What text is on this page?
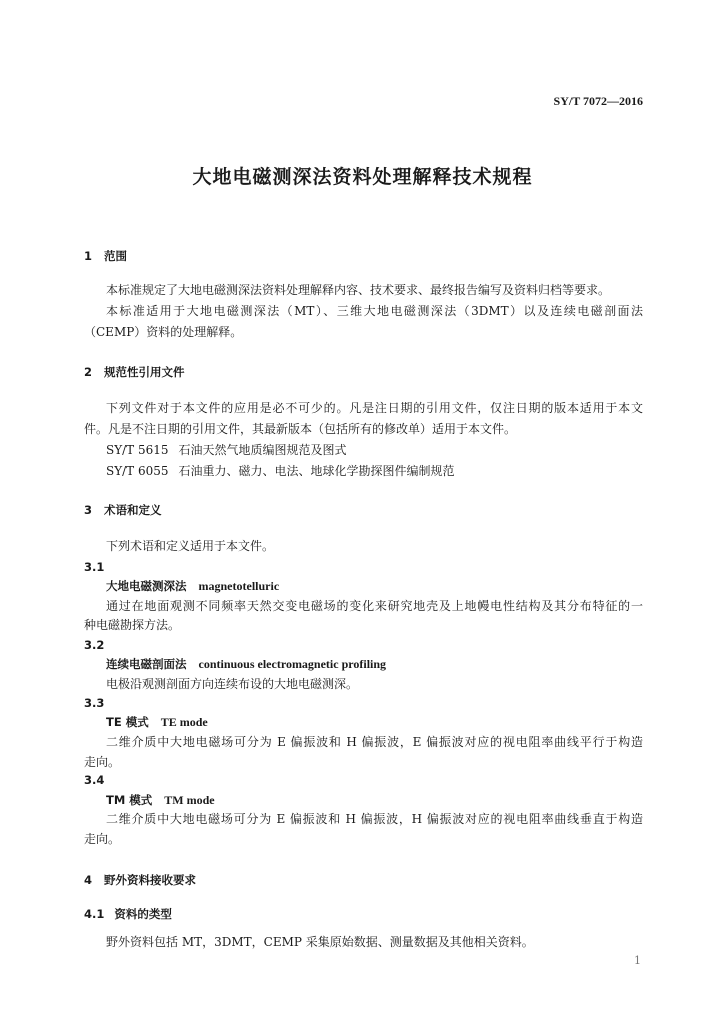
SY/T 7072—2016
大地电磁测深法资料处理解释技术规程
1 范围
本标准规定了大地电磁测深法资料处理解释内容、技术要求、最终报告编写及资料归档等要求。
本标准适用于大地电磁测深法（MT）、三维大地电磁测深法（3DMT）以及连续电磁剖面法
（CEMP）资料的处理解释。
2 规范性引用文件
下列文件对于本文件的应用是必不可少的。凡是注日期的引用文件，仅注日期的版本适用于本文
件。凡是不注日期的引用文件，其最新版本（包括所有的修改单）适用于本文件。
SY/T 5615 石油天然气地质编图规范及图式
SY/T 6055 石油重力、磁力、电法、地球化学勘探图件编制规范
3 术语和定义
下列术语和定义适用于本文件。
3.1
大地电磁测深法 magnetotelluric
通过在地面观测不同频率天然交变电磁场的变化来研究地壳及上地幔电性结构及其分布特征的一
种电磁勘探方法。
3.2
连续电磁剖面法 continuous electromagnetic profiling
电极沿观测剖面方向连续布设的大地电磁测深。
3.3
TE 模式 TE mode
二维介质中大地电磁场可分为 E 偏振波和 H 偏振波，E 偏振波对应的视电阻率曲线平行于构造
走向。
3.4
TM 模式 TM mode
二维介质中大地电磁场可分为 E 偏振波和 H 偏振波，H 偏振波对应的视电阻率曲线垂直于构造
走向。
4 野外资料接收要求
4.1 资料的类型
野外资料包括 MT，3DMT，CEMP 采集原始数据、测量数据及其他相关资料。
1
